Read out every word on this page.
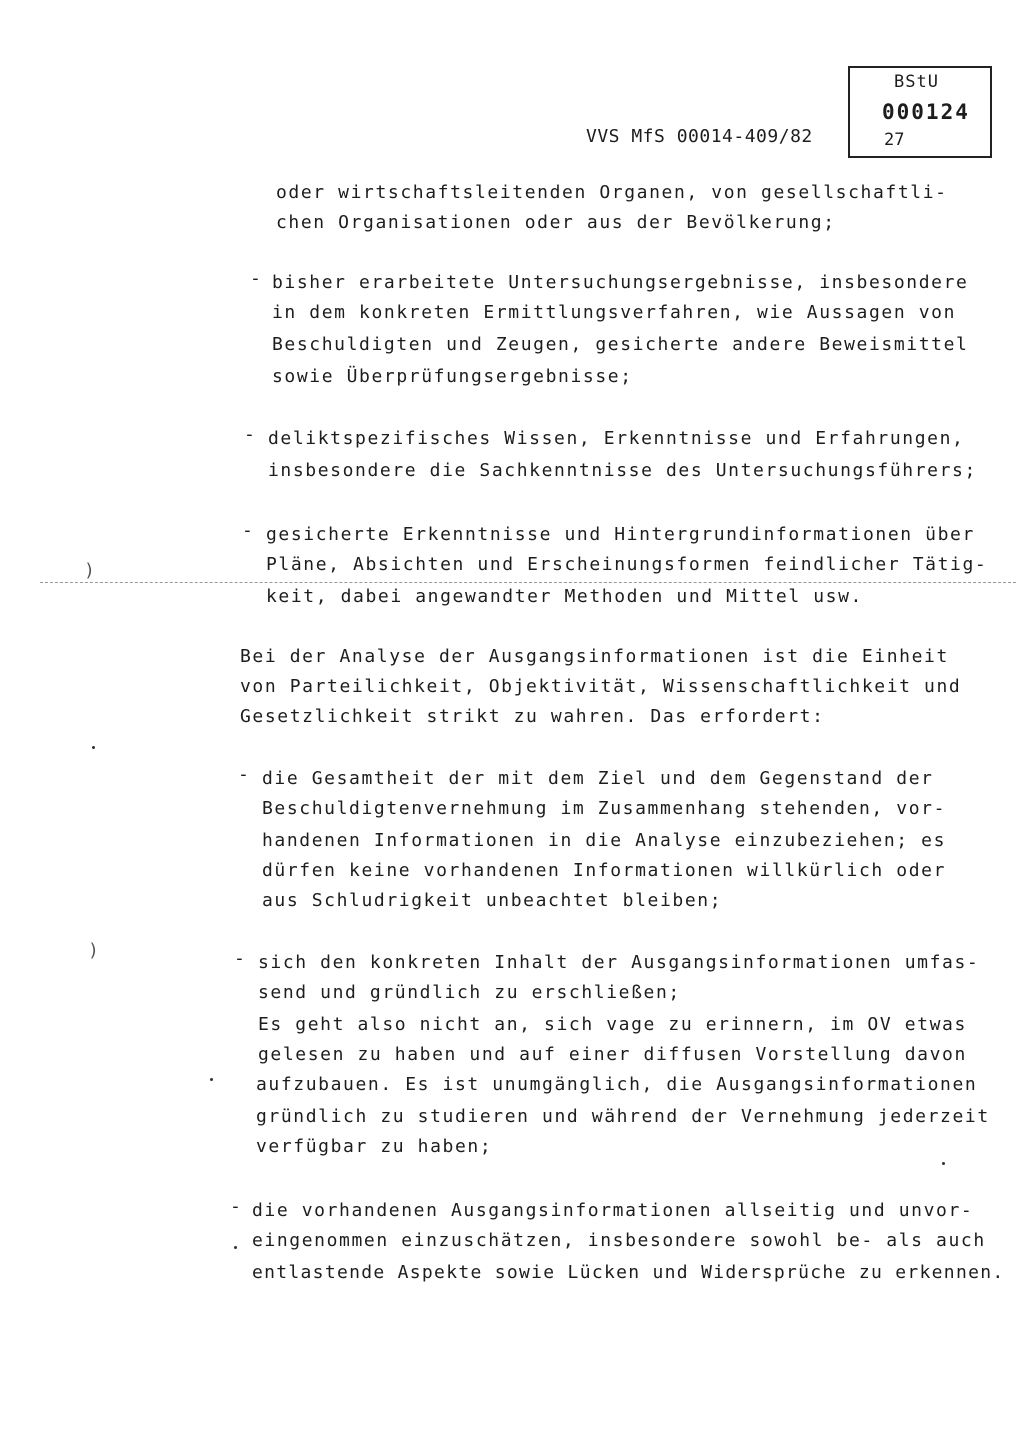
BStU
000124
27
VVS MfS 00014-409/82
)
)
-
-
-
-
-
-
oder wirtschaftsleitenden Organen, von gesellschaftli-
chen Organisationen oder aus der Bevölkerung;
bisher erarbeitete Untersuchungsergebnisse, insbesondere
in dem konkreten Ermittlungsverfahren, wie Aussagen von
Beschuldigten und Zeugen, gesicherte andere Beweismittel
sowie Überprüfungsergebnisse;
deliktspezifisches Wissen, Erkenntnisse und Erfahrungen,
insbesondere die Sachkenntnisse des Untersuchungsführers;
gesicherte Erkenntnisse und Hintergrundinformationen über
Pläne, Absichten und Erscheinungsformen feindlicher Tätig-
keit, dabei angewandter Methoden und Mittel usw.
Bei der Analyse der Ausgangsinformationen ist die Einheit
von Parteilichkeit, Objektivität, Wissenschaftlichkeit und
Gesetzlichkeit strikt zu wahren. Das erfordert:
die Gesamtheit der mit dem Ziel und dem Gegenstand der
Beschuldigtenvernehmung im Zusammenhang stehenden, vor-
handenen Informationen in die Analyse einzubeziehen; es
dürfen keine vorhandenen Informationen willkürlich oder
aus Schludrigkeit unbeachtet bleiben;
sich den konkreten Inhalt der Ausgangsinformationen umfas-
send und gründlich zu erschließen;
Es geht also nicht an, sich vage zu erinnern, im OV etwas
gelesen zu haben und auf einer diffusen Vorstellung davon
aufzubauen. Es ist unumgänglich, die Ausgangsinformationen
gründlich zu studieren und während der Vernehmung jederzeit
verfügbar zu haben;
die vorhandenen Ausgangsinformationen allseitig und unvor-
eingenommen einzuschätzen, insbesondere sowohl be- als auch
entlastende Aspekte sowie Lücken und Widersprüche zu erkennen.
